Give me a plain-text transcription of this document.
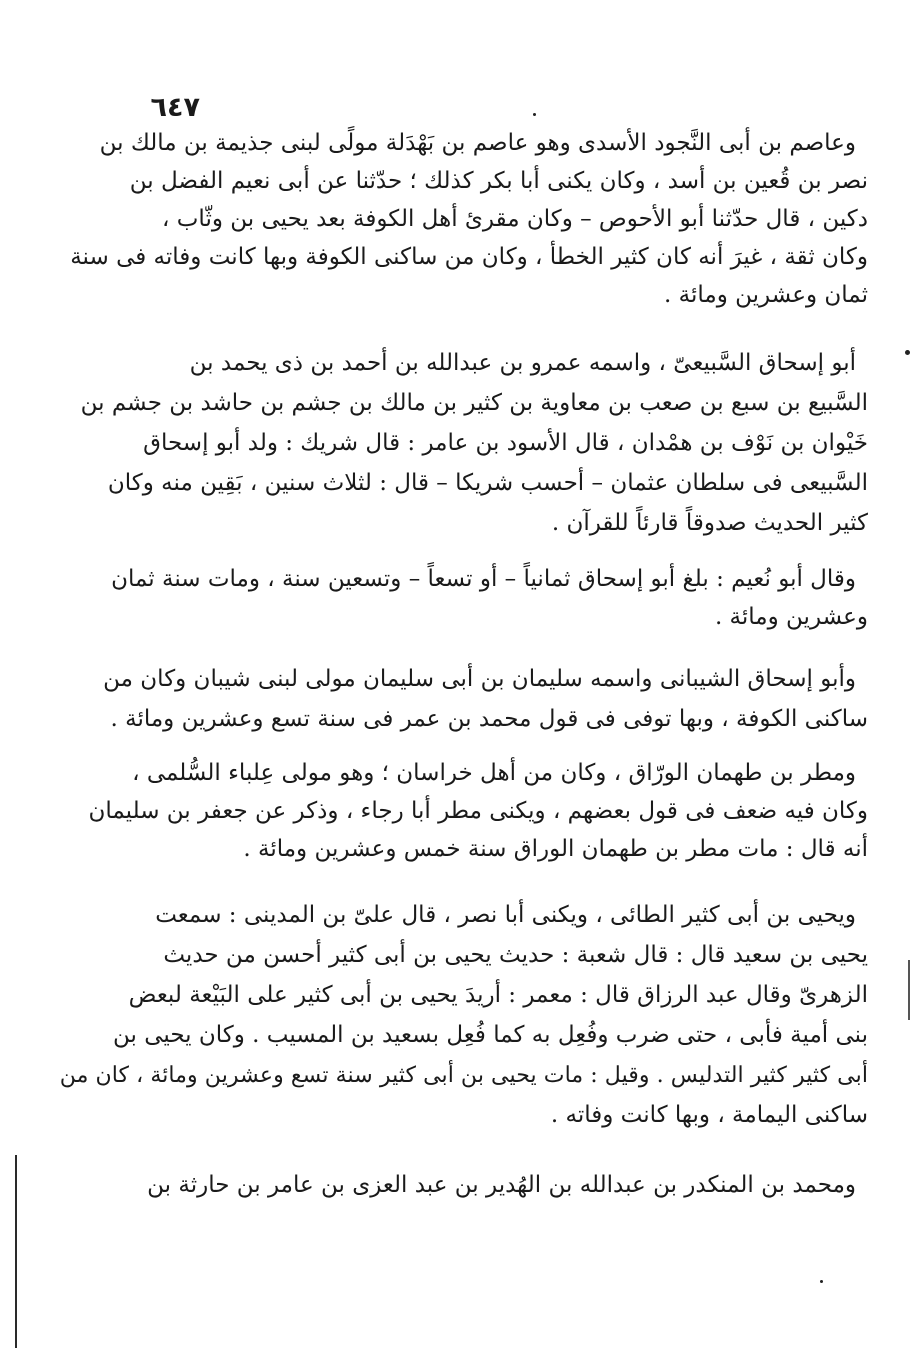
٦٤٧
وعاصم بن أبى النَّجود الأسدى وهو عاصم بن بَهْدَلة مولًى لبنى جذيمة بن مالك بن
نصر بن قُعين بن أسد ، وكان يكنى أبا بكر كذلك ؛ حدّثنا عن أبى نعيم الفضل بن
دكين ، قال حدّثنا أبو الأحوص – وكان مقرئ أهل الكوفة بعد يحيى بن وثّاب ،
وكان ثقة ، غيرَ أنه كان كثير الخطأ ، وكان من ساكنى الكوفة وبها كانت وفاته فى سنة
ثمان وعشرين ومائة .
أبو إسحاق السَّبيعىّ ، واسمه عمرو بن عبدالله بن أحمد بن ذى يحمد بن
السَّبيع بن سبع بن صعب بن معاوية بن كثير بن مالك بن جشم بن حاشد بن جشم بن
خَيْوان بن نَوْف بن همْدان ، قال الأسود بن عامر : قال شريك : ولد أبو إسحاق
السَّبيعى فى سلطان عثمان – أحسب شريكا – قال : لثلاث سنين ، بَقِين منه وكان
كثير الحديث صدوقاً قارئاً للقرآن .
وقال أبو نُعيم : بلغ أبو إسحاق ثمانياً – أو تسعاً – وتسعين سنة ، ومات سنة ثمان
وعشرين ومائة .
وأبو إسحاق الشيبانى واسمه سليمان بن أبى سليمان مولى لبنى شيبان وكان من
ساكنى الكوفة ، وبها توفى فى قول محمد بن عمر فى سنة تسع وعشرين ومائة .
ومطر بن طهمان الورّاق ، وكان من أهل خراسان ؛ وهو مولى عِلباء السُّلمى ،
وكان فيه ضعف فى قول بعضهم ، ويكنى مطر أبا رجاء ، وذكر عن جعفر بن سليمان
أنه قال : مات مطر بن طهمان الوراق سنة خمس وعشرين ومائة .
ويحيى بن أبى كثير الطائى ، ويكنى أبا نصر ، قال علىّ بن المدينى : سمعت
يحيى بن سعيد قال : قال شعبة : حديث يحيى بن أبى كثير أحسن من حديث
الزهرىّ وقال عبد الرزاق قال : معمر : أريدَ يحيى بن أبى كثير على البَيْعة لبعض
بنى أمية فأبى ، حتى ضرب وفُعِل به كما فُعِل بسعيد بن المسيب . وكان يحيى بن
أبى كثير كثير التدليس . وقيل : مات يحيى بن أبى كثير سنة تسع وعشرين ومائة ، كان من
ساكنى اليمامة ، وبها كانت وفاته .
ومحمد بن المنكدر بن عبدالله بن الهُدير بن عبد العزى بن عامر بن حارثة بن
